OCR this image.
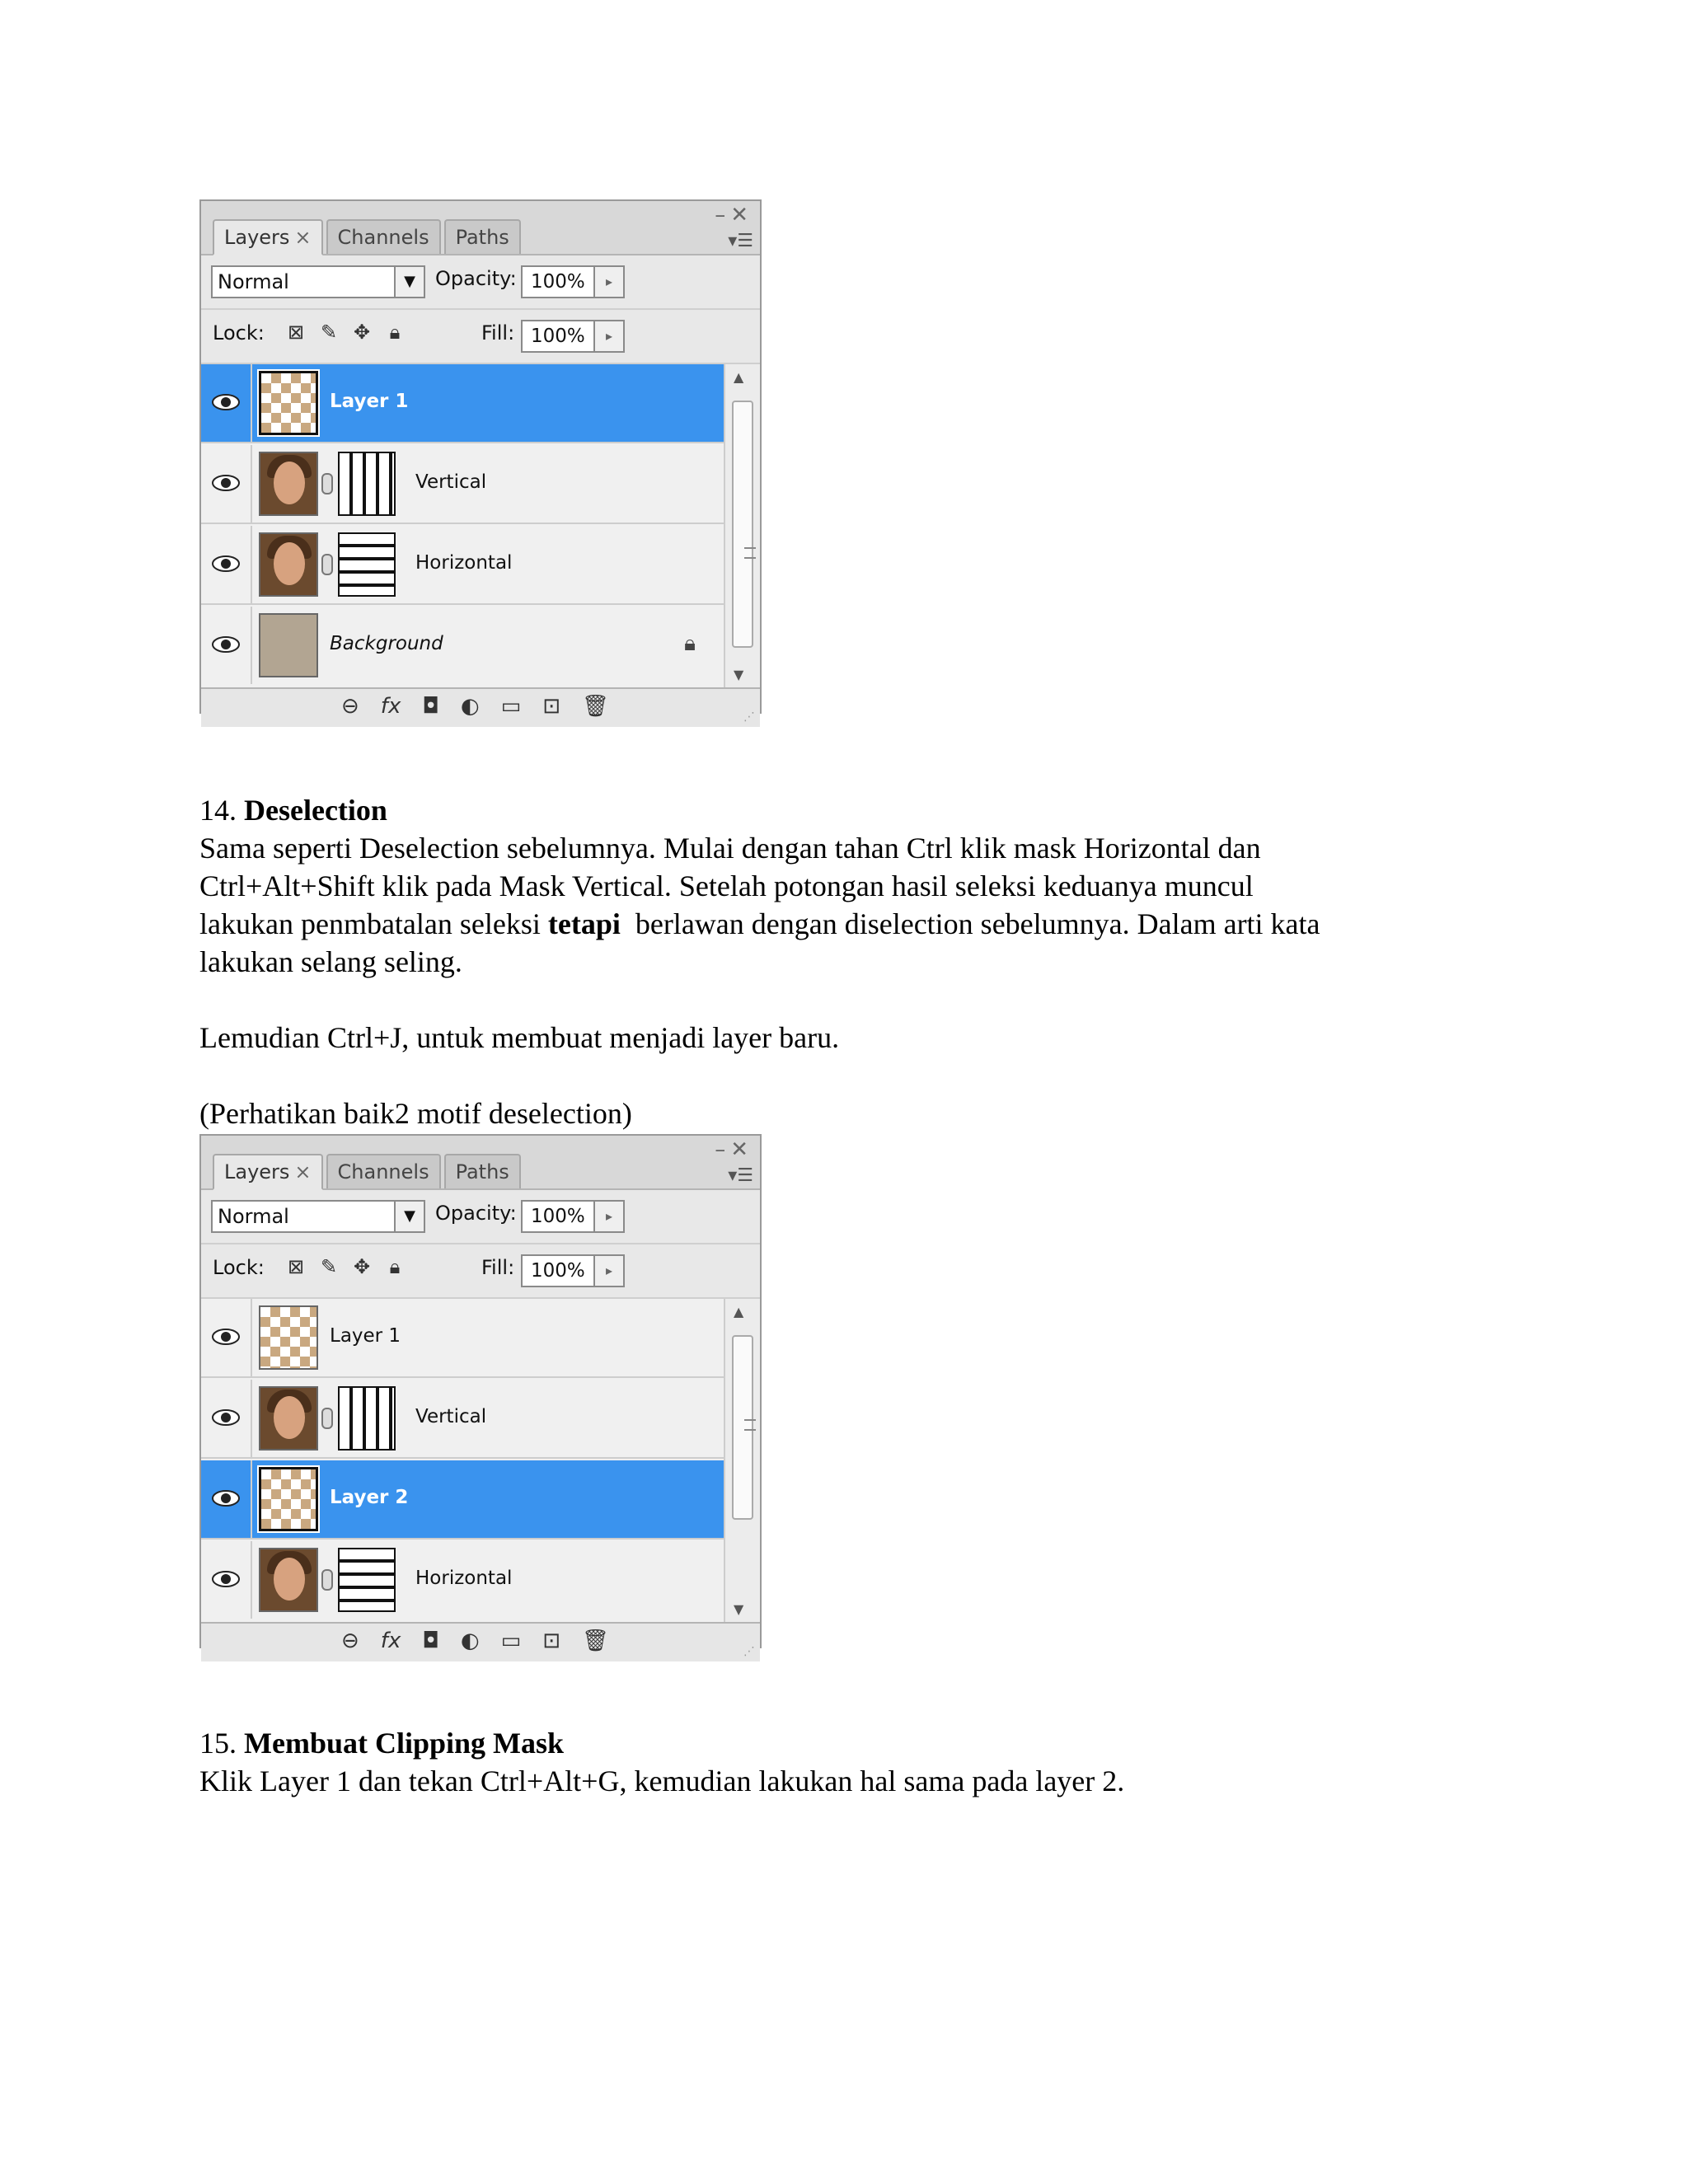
Layers ×	Channels	Paths
–✕
▾☰
Normal	▼	Opacity: 100%	▸
Lock: ⊠ ✎ ✥ 🔒︎	Fill: 100%	▸
Layer 1
Vertical
Horizontal
Background	🔒︎
▲
▼
⊖ fx ◘ ◐ ▭ ⊡ 🗑︎	⋰
14. Deselection
Sama seperti Deselection sebelumnya. Mulai dengan tahan Ctrl klik mask Horizontal dan
Ctrl+Alt+Shift klik pada Mask Vertical. Setelah potongan hasil seleksi keduanya muncul
lakukan penmbatalan seleksi tetapi  berlawan dengan diselection sebelumnya. Dalam arti kata
lakukan selang seling.
Lemudian Ctrl+J, untuk membuat menjadi layer baru.
(Perhatikan baik2 motif deselection)
Layers ×	Channels	Paths
–✕
▾☰
Normal	▼	Opacity: 100%	▸
Lock: ⊠ ✎ ✥ 🔒︎	Fill: 100%	▸
Layer 1
Vertical
Layer 2
Horizontal
▲
▼
⊖ fx ◘ ◐ ▭ ⊡ 🗑︎	⋰
15. Membuat Clipping Mask
Klik Layer 1 dan tekan Ctrl+Alt+G, kemudian lakukan hal sama pada layer 2.
